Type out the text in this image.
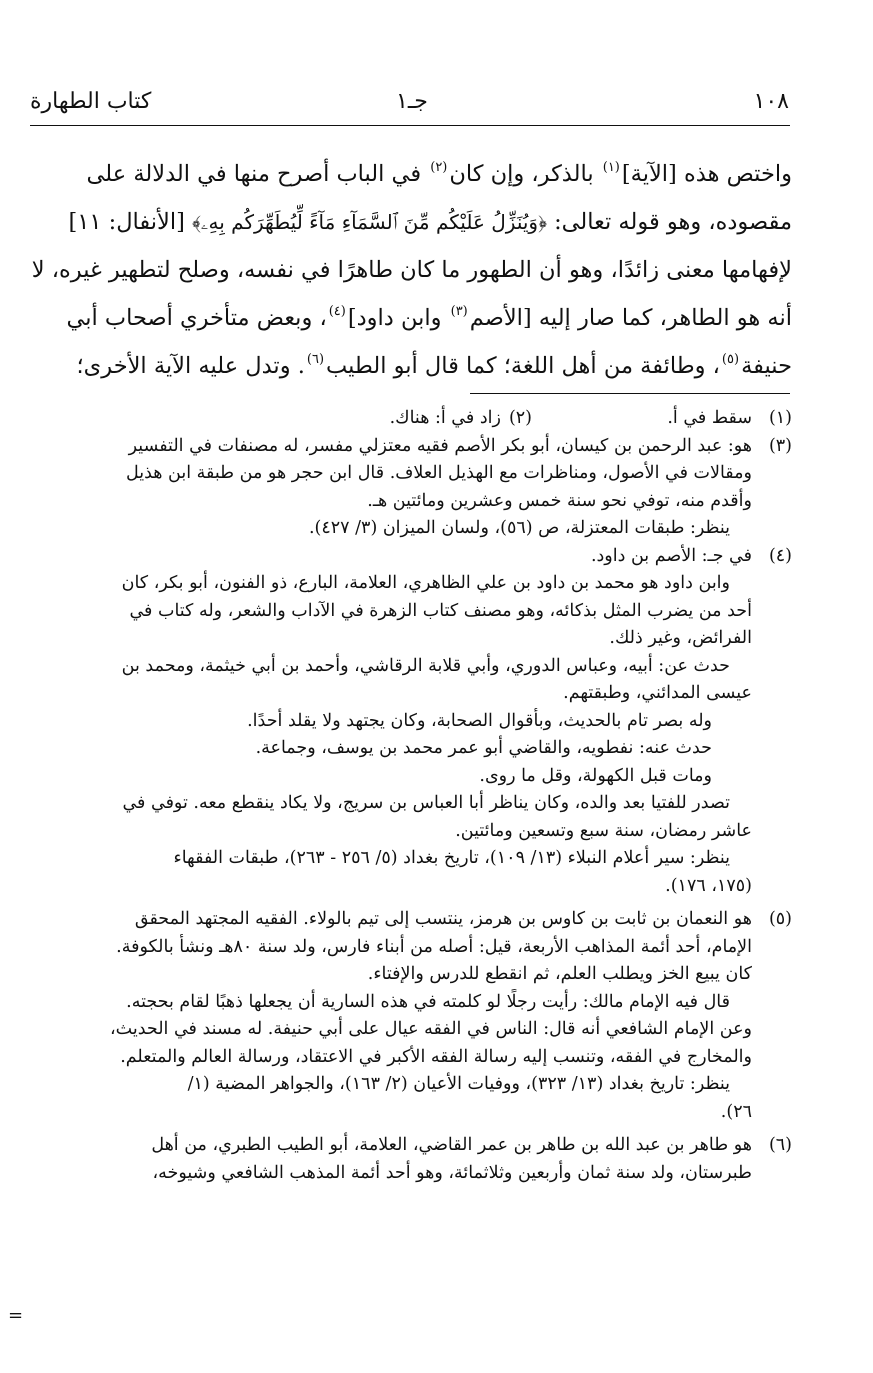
١٠٨
جـ١
كتاب الطهارة
واختص هذه [الآية]$^{(١)}$ بالذكر، وإن كان$^{(٢)}$ في الباب أصرح منها في الدلالة على
مقصوده، وهو قوله تعالى: ﴿وَيُنَزِّلُ عَلَيْكُم مِّنَ ٱلسَّمَآءِ مَآءً لِّيُطَهِّرَكُم بِهِۦ﴾ [الأنفال: ١١]
لإفهامها معنى زائدًا، وهو أن الطهور ما كان طاهرًا في نفسه، وصلح لتطهير غيره، لا
أنه هو الطاهر، كما صار إليه [الأصم$^{(٣)}$ وابن داود]$^{(٤)}$، وبعض متأخري أصحاب أبي
حنيفة$^{(٥)}$، وطائفة من أهل اللغة؛ كما قال أبو الطيب$^{(٦)}$. وتدل عليه الآية الأخرى؛
(١)
سقط في أ.
(٢)
زاد في أ: هناك.
(٣)
هو: عبد الرحمن بن كيسان، أبو بكر الأصم فقيه معتزلي مفسر، له مصنفات في التفسير
ومقالات في الأصول، ومناظرات مع الهذيل العلاف. قال ابن حجر هو من طبقة ابن هذيل
وأقدم منه، توفي نحو سنة خمس وعشرين ومائتين هـ.
ينظر: طبقات المعتزلة، ص (٥٦)، ولسان الميزان (٣/ ٤٢٧).
(٤)
في جـ: الأصم بن داود.
وابن داود هو محمد بن داود بن علي الظاهري، العلامة، البارع، ذو الفنون، أبو بكر، كان
أحد من يضرب المثل بذكائه، وهو مصنف كتاب الزهرة في الآداب والشعر، وله كتاب في
الفرائض، وغير ذلك.
حدث عن: أبيه، وعباس الدوري، وأبي قلابة الرقاشي، وأحمد بن أبي خيثمة، ومحمد بن
عيسى المدائني، وطبقتهم.
وله بصر تام بالحديث، وبأقوال الصحابة، وكان يجتهد ولا يقلد أحدًا.
حدث عنه: نفطويه، والقاضي أبو عمر محمد بن يوسف، وجماعة.
ومات قبل الكهولة، وقل ما روى.
تصدر للفتيا بعد والده، وكان يناظر أبا العباس بن سريج، ولا يكاد ينقطع معه. توفي في
عاشر رمضان، سنة سبع وتسعين ومائتين.
ينظر: سير أعلام النبلاء (١٣/ ١٠٩)، تاريخ بغداد (٥/ ٢٥٦ - ٢٦٣)، طبقات الفقهاء
(١٧٥، ١٧٦).
(٥)
هو النعمان بن ثابت بن كاوس بن هرمز، ينتسب إلى تيم بالولاء. الفقيه المجتهد المحقق
الإمام، أحد أئمة المذاهب الأربعة، قيل: أصله من أبناء فارس، ولد سنة ٨٠هـ ونشأ بالكوفة.
كان يبيع الخز ويطلب العلم، ثم انقطع للدرس والإفتاء.
قال فيه الإمام مالك: رأيت رجلًا لو كلمته في هذه السارية أن يجعلها ذهبًا لقام بحجته.
وعن الإمام الشافعي أنه قال: الناس في الفقه عيال على أبي حنيفة. له مسند في الحديث،
والمخارج في الفقه، وتنسب إليه رسالة الفقه الأكبر في الاعتقاد، ورسالة العالم والمتعلم.
ينظر: تاريخ بغداد (١٣/ ٣٢٣)، ووفيات الأعيان (٢/ ١٦٣)، والجواهر المضية (١/
٢٦).
(٦)
هو طاهر بن عبد الله بن طاهر بن عمر القاضي، العلامة، أبو الطيب الطبري، من أهل
طبرستان، ولد سنة ثمان وأربعين وثلاثمائة، وهو أحد أئمة المذهب الشافعي وشيوخه،
=
